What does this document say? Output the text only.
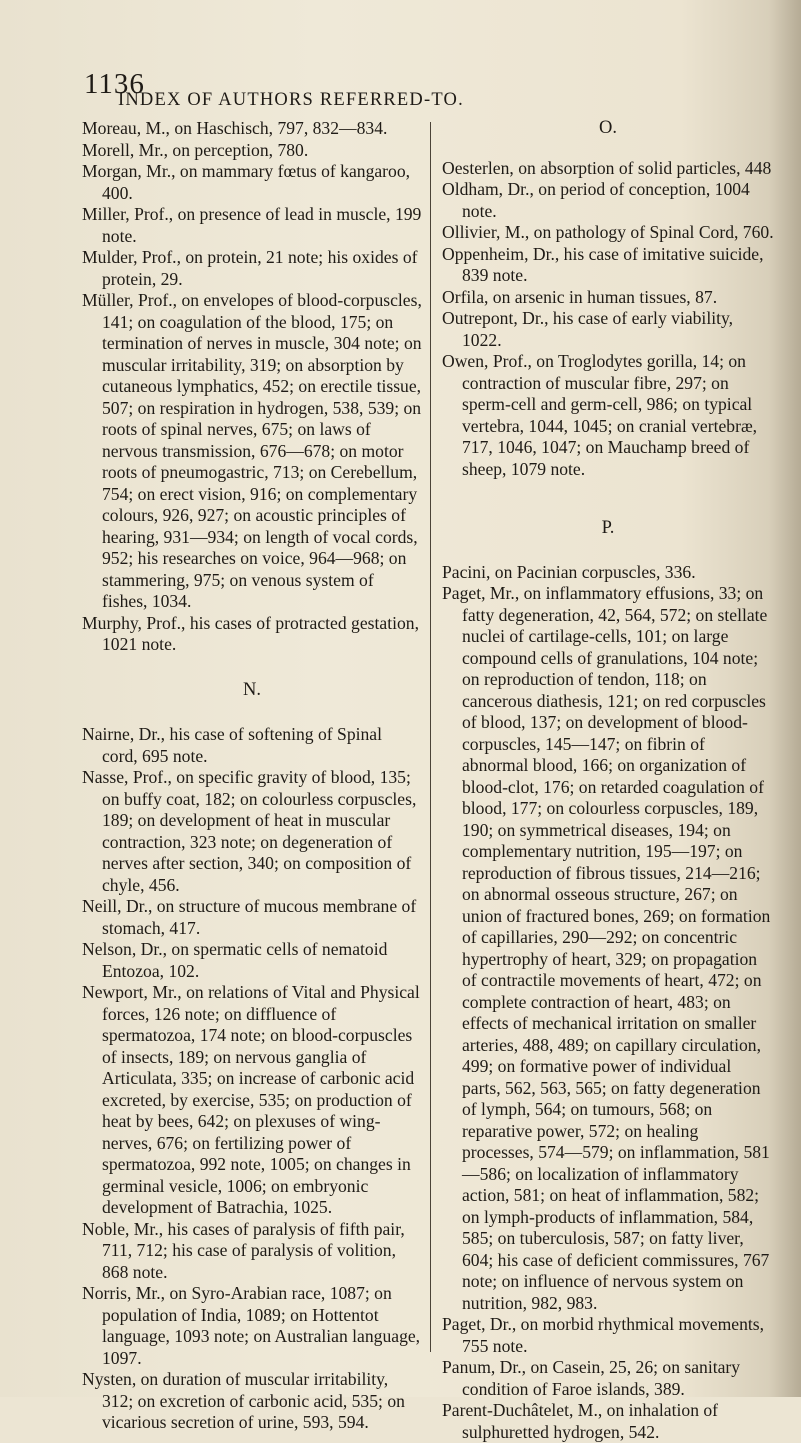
1136
INDEX OF AUTHORS REFERRED-TO.

Moreau, M., on Haschisch, 797, 832—834.

Morell, Mr., on perception, 780.

Morgan, Mr., on mammary fœtus of kangaroo, 400.

Miller, Prof., on presence of lead in muscle, 199 note.

Mulder, Prof., on protein, 21 note; his oxides of protein, 29.

Müller, Prof., on envelopes of blood-corpuscles, 141; on coagulation of the blood, 175; on termination of nerves in muscle, 304 note; on muscular irritability, 319; on absorption by cutaneous lymphatics, 452; on erectile tissue, 507; on respiration in hydrogen, 538, 539; on roots of spinal nerves, 675; on laws of nervous transmission, 676—678; on motor roots of pneumogastric, 713; on Cerebellum, 754; on erect vision, 916; on complementary colours, 926, 927; on acoustic principles of hearing, 931—934; on length of vocal cords, 952; his researches on voice, 964—968; on stammering, 975; on venous system of fishes, 1034.

Murphy, Prof., his cases of protracted gestation, 1021 note.

N.

Nairne, Dr., his case of softening of Spinal cord, 695 note.

Nasse, Prof., on specific gravity of blood, 135; on buffy coat, 182; on colourless corpuscles, 189; on development of heat in muscular contraction, 323 note; on degeneration of nerves after section, 340; on composition of chyle, 456.

Neill, Dr., on structure of mucous membrane of stomach, 417.

Nelson, Dr., on spermatic cells of nematoid Entozoa, 102.

Newport, Mr., on relations of Vital and Physical forces, 126 note; on diffluence of spermatozoa, 174 note; on blood-corpuscles of insects, 189; on nervous ganglia of Articulata, 335; on increase of carbonic acid excreted, by exercise, 535; on production of heat by bees, 642; on plexuses of wing-nerves, 676; on fertilizing power of spermatozoa, 992 note, 1005; on changes in germinal vesicle, 1006; on embryonic development of Batrachia, 1025.

Noble, Mr., his cases of paralysis of fifth pair, 711, 712; his case of paralysis of volition, 868 note.

Norris, Mr., on Syro-Arabian race, 1087; on population of India, 1089; on Hottentot language, 1093 note; on Australian language, 1097.

Nysten, on duration of muscular irritability, 312; on excretion of carbonic acid, 535; on vicarious secretion of urine, 593, 594.

O.

Oesterlen, on absorption of solid particles, 448

Oldham, Dr., on period of conception, 1004 note.

Ollivier, M., on pathology of Spinal Cord, 760.

Oppenheim, Dr., his case of imitative suicide, 839 note.

Orfila, on arsenic in human tissues, 87.

Outrepont, Dr., his case of early viability, 1022.

Owen, Prof., on Troglodytes gorilla, 14; on contraction of muscular fibre, 297; on sperm-cell and germ-cell, 986; on typical vertebra, 1044, 1045; on cranial vertebræ, 717, 1046, 1047; on Mauchamp breed of sheep, 1079 note.

P.

Pacini, on Pacinian corpuscles, 336.

Paget, Mr., on inflammatory effusions, 33; on fatty degeneration, 42, 564, 572; on stellate nuclei of cartilage-cells, 101; on large compound cells of granulations, 104 note; on reproduction of tendon, 118; on cancerous diathesis, 121; on red corpuscles of blood, 137; on development of blood-corpuscles, 145—147; on fibrin of abnormal blood, 166; on organization of blood-clot, 176; on retarded coagulation of blood, 177; on colourless corpuscles, 189, 190; on symmetrical diseases, 194; on complementary nutrition, 195—197; on reproduction of fibrous tissues, 214—216; on abnormal osseous structure, 267; on union of fractured bones, 269; on formation of capillaries, 290—292; on concentric hypertrophy of heart, 329; on propagation of contractile movements of heart, 472; on complete contraction of heart, 483; on effects of mechanical irritation on smaller arteries, 488, 489; on capillary circulation, 499; on formative power of individual parts, 562, 563, 565; on fatty degeneration of lymph, 564; on tumours, 568; on reparative power, 572; on healing processes, 574—579; on inflammation, 581—586; on localization of inflammatory action, 581; on heat of inflammation, 582; on lymph-products of inflammation, 584, 585; on tuberculosis, 587; on fatty liver, 604; his case of deficient commissures, 767 note; on influence of nervous system on nutrition, 982, 983.

Paget, Dr., on morbid rhythmical movements, 755 note.

Panum, Dr., on Casein, 25, 26; on sanitary condition of Faroe islands, 389.

Parent-Duchâtelet, M., on inhalation of sulphuretted hydrogen, 542.
